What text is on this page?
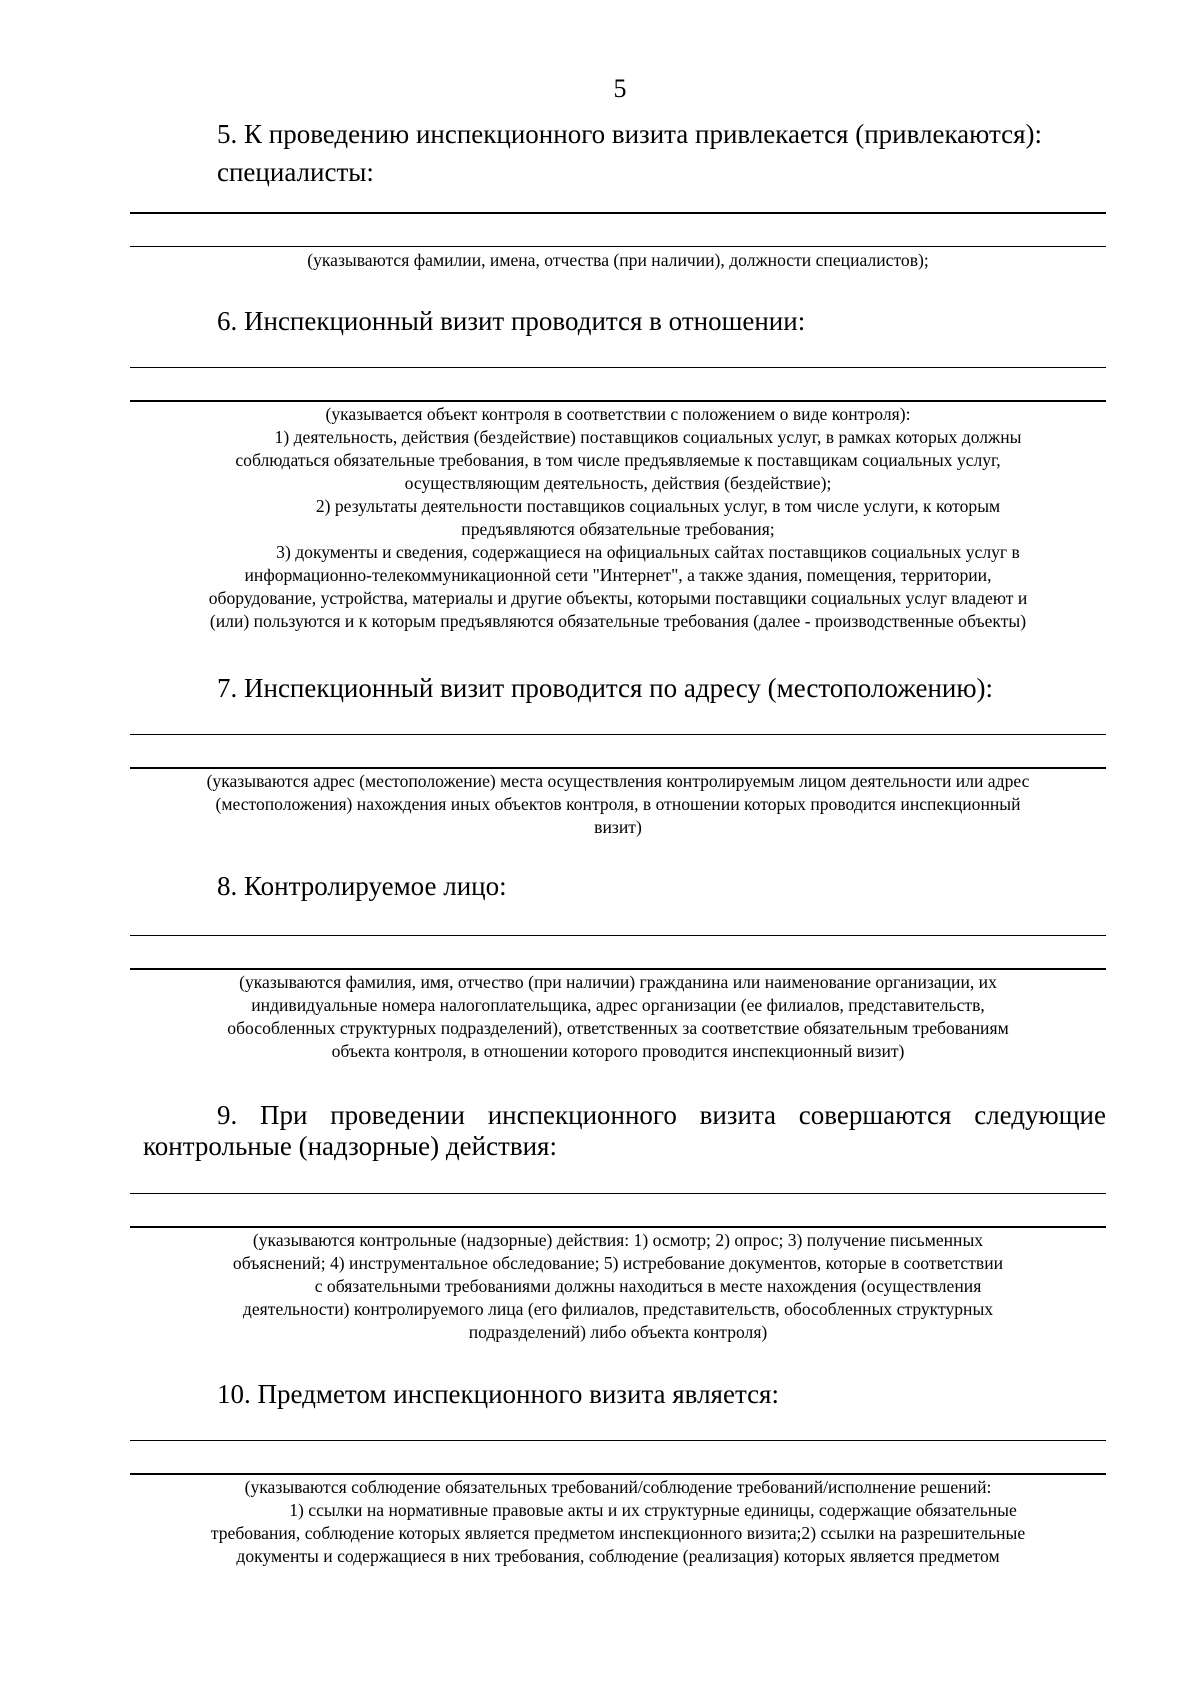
5
5. К проведению инспекционного визита привлекается (привлекаются):
специалисты:
(указываются фамилии, имена, отчества (при наличии), должности специалистов);
6. Инспекционный визит проводится в отношении:
(указывается объект контроля в соответствии с положением о виде контроля):
1) деятельность, действия (бездействие) поставщиков социальных услуг, в рамках которых должны
соблюдаться обязательные требования, в том числе предъявляемые к поставщикам социальных услуг,
осуществляющим деятельность, действия (бездействие);
2) результаты деятельности поставщиков социальных услуг, в том числе услуги, к которым
предъявляются обязательные требования;
3) документы и сведения, содержащиеся на официальных сайтах поставщиков социальных услуг в
информационно-телекоммуникационной сети "Интернет", а также здания, помещения, территории,
оборудование, устройства, материалы и другие объекты, которыми поставщики социальных услуг владеют и
(или) пользуются и к которым предъявляются обязательные требования (далее - производственные объекты)
7. Инспекционный визит проводится по адресу (местоположению):
(указываются адрес (местоположение) места осуществления контролируемым лицом деятельности или адрес
(местоположения) нахождения иных объектов контроля, в отношении которых проводится инспекционный
визит)
8. Контролируемое лицо:
(указываются фамилия, имя, отчество (при наличии) гражданина или наименование организации, их
индивидуальные номера налогоплательщика, адрес организации (ее филиалов, представительств,
обособленных структурных подразделений), ответственных за соответствие обязательным требованиям
объекта контроля, в отношении которого проводится инспекционный визит)
9. При проведении инспекционного визита совершаются следующие
контрольные (надзорные) действия:
(указываются контрольные (надзорные) действия: 1) осмотр; 2) опрос; 3) получение письменных
объяснений; 4) инструментальное обследование; 5) истребование документов, которые в соответствии
с обязательными требованиями должны находиться в месте нахождения (осуществления
деятельности) контролируемого лица (его филиалов, представительств, обособленных структурных
подразделений) либо объекта контроля)
10. Предметом инспекционного визита является:
(указываются соблюдение обязательных требований/соблюдение требований/исполнение решений:
1) ссылки на нормативные правовые акты и их структурные единицы, содержащие обязательные
требования, соблюдение которых является предметом инспекционного визита;2) ссылки на разрешительные
документы и содержащиеся в них требования, соблюдение (реализация) которых является предметом
